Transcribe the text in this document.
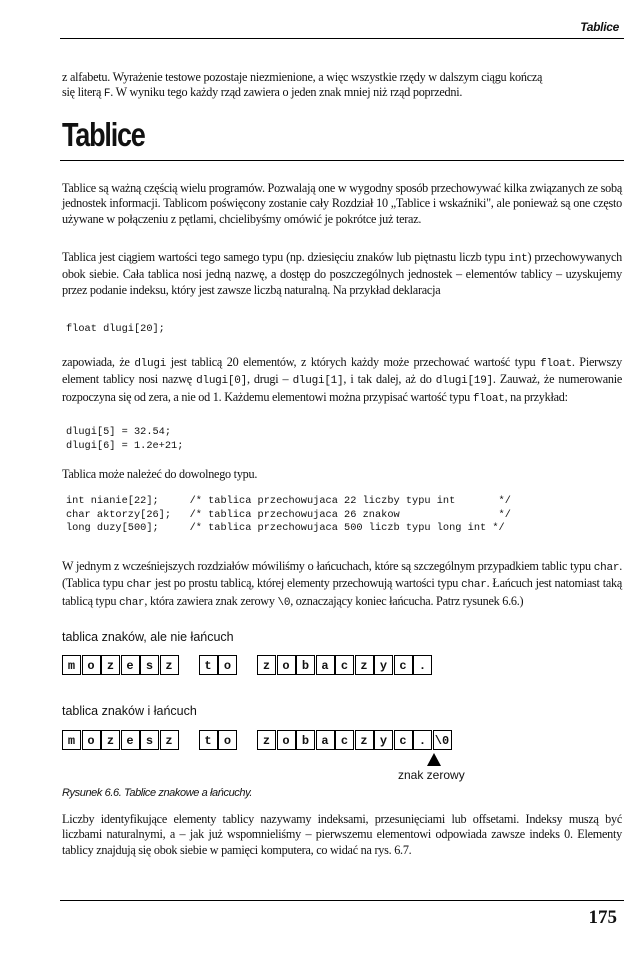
Tablice
z alfabetu. Wyrażenie testowe pozostaje niezmienione, a więc wszystkie rzędy w dalszym ciągu kończą
się literą F. W wyniku tego każdy rząd zawiera o jeden znak mniej niż rząd poprzedni.
Tablice
Tablice są ważną częścią wielu programów. Pozwalają one w wygodny sposób przechowywać kilka związanych ze sobą jednostek informacji. Tablicom poświęcony zostanie cały Rozdział 10 „Tablice i wskaźniki", ale ponieważ są one często używane w połączeniu z pętlami, chcielibyśmy omówić je pokrótce już teraz.
Tablica jest ciągiem wartości tego samego typu (np. dziesięciu znaków lub piętnastu liczb typu int) przechowywanych obok siebie. Cała tablica nosi jedną nazwę, a dostęp do poszczególnych jednostek – elementów tablicy – uzyskujemy przez podanie indeksu, który jest zawsze liczbą naturalną. Na przykład deklaracja
float dlugi[20];
zapowiada, że dlugi jest tablicą 20 elementów, z których każdy może przechować wartość typu float. Pierwszy element tablicy nosi nazwę dlugi[0], drugi – dlugi[1], i tak dalej, aż do dlugi[19]. Zauważ, że numerowanie rozpoczyna się od zera, a nie od 1. Każdemu elementowi można przypisać wartość typu float, na przykład:
dlugi[5] = 32.54;
dlugi[6] = 1.2e+21;
Tablica może należeć do dowolnego typu.
int nianie[22];     /* tablica przechowujaca 22 liczby typu int       */
char aktorzy[26];   /* tablica przechowujaca 26 znakow                */
long duzy[500];     /* tablica przechowujaca 500 liczb typu long int */
W jednym z wcześniejszych rozdziałów mówiliśmy o łańcuchach, które są szczególnym przypadkiem tablic typu char. (Tablica typu char jest po prostu tablicą, której elementy przechowują wartości typu char. Łańcuch jest natomiast taką tablicą typu char, która zawiera znak zerowy \0, oznaczający koniec łańcucha. Patrz rysunek 6.6.)
tablica znaków, ale nie łańcuch
m	o	z	e	s	z	t	o	z	o	b	a	c	z	y	c	.
tablica znaków i łańcuch
m	o	z	e	s	z	t	o	z	o	b	a	c	z	y	c	. \0
znak zerowy
Rysunek 6.6. Tablice znakowe a łańcuchy.
Liczby identyfikujące elementy tablicy nazywamy indeksami, przesunięciami lub offsetami. Indeksy muszą być liczbami naturalnymi, a – jak już wspomnieliśmy – pierwszemu elementowi odpowiada zawsze indeks 0. Elementy tablicy znajdują się obok siebie w pamięci komputera, co widać na rys. 6.7.
175
